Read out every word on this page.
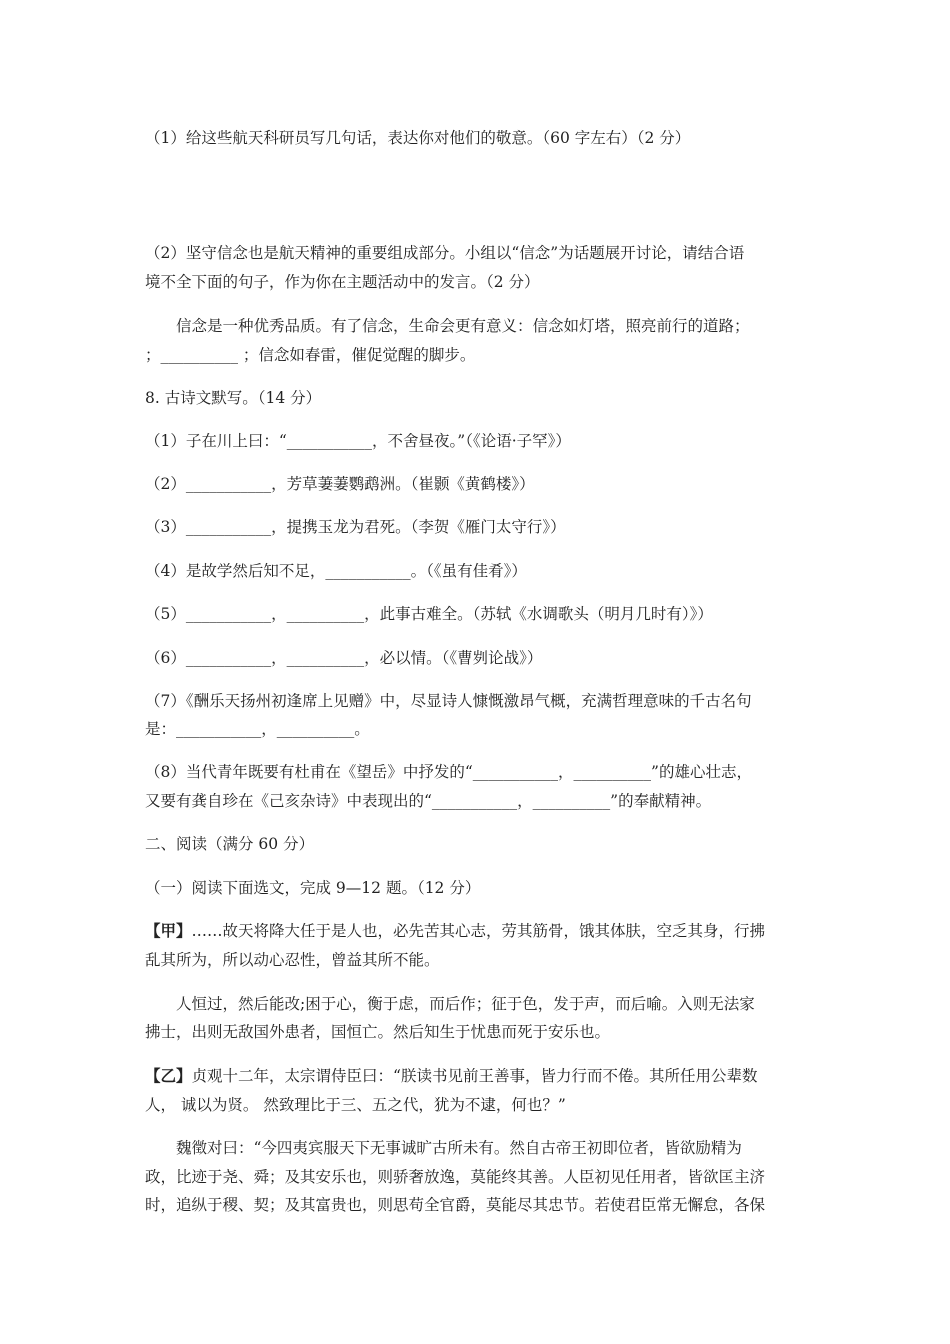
（1）给这些航天科研员写几句话，表达你对他们的敬意。（60 字左右）（2 分）
（2）坚守信念也是航天精神的重要组成部分。小组以“信念”为话题展开讨论，请结合语
境不全下面的句子，作为你在主题活动中的发言。（2 分）
信念是一种优秀品质。有了信念，生命会更有意义：信念如灯塔，照亮前行的道路；
；__________ ；信念如春雷，催促觉醒的脚步。
8. 古诗文默写。（14 分）
（1）子在川上曰：“___________，不舍昼夜。”（《论语·子罕》）
（2）___________，芳草萋萋鹦鹉洲。（崔颢《黄鹤楼》）
（3）___________，提携玉龙为君死。（李贺《雁门太守行》）
（4）是故学然后知不足，___________。（《虽有佳肴》）
（5）___________，__________，此事古难全。（苏轼《水调歌头（明月几时有）》）
（6）___________，__________，必以情。（《曹刿论战》）
（7）《酬乐天扬州初逢席上见赠》中，尽显诗人慷慨激昂气概，充满哲理意味的千古名句
是：___________，__________。
（8）当代青年既要有杜甫在《望岳》中抒发的“___________，__________”的雄心壮志，
又要有龚自珍在《己亥杂诗》中表现出的“___________，__________”的奉献精神。
二、阅读（满分 60 分）
（一）阅读下面选文，完成 9—12 题。（12 分）
【甲】……故天将降大任于是人也，必先苦其心志，劳其筋骨，饿其体肤，空乏其身，行拂
乱其所为，所以动心忍性，曾益其所不能。
人恒过，然后能改;困于心，衡于虑，而后作；征于色，发于声，而后喻。入则无法家
拂士，出则无敌国外患者，国恒亡。然后知生于忧患而死于安乐也。
【乙】贞观十二年，太宗谓侍臣曰：“朕读书见前王善事，皆力行而不倦。其所任用公辈数
人， 诚以为贤。 然致理比于三、五之代，犹为不逮，何也？”
魏徵对曰：“今四夷宾服天下无事诚旷古所未有。然自古帝王初即位者，皆欲励精为
政，比迹于尧、舜；及其安乐也，则骄奢放逸，莫能终其善。人臣初见任用者，皆欲匡主济
时，追纵于稷、契；及其富贵也，则思苟全官爵，莫能尽其忠节。若使君臣常无懈怠，各保
